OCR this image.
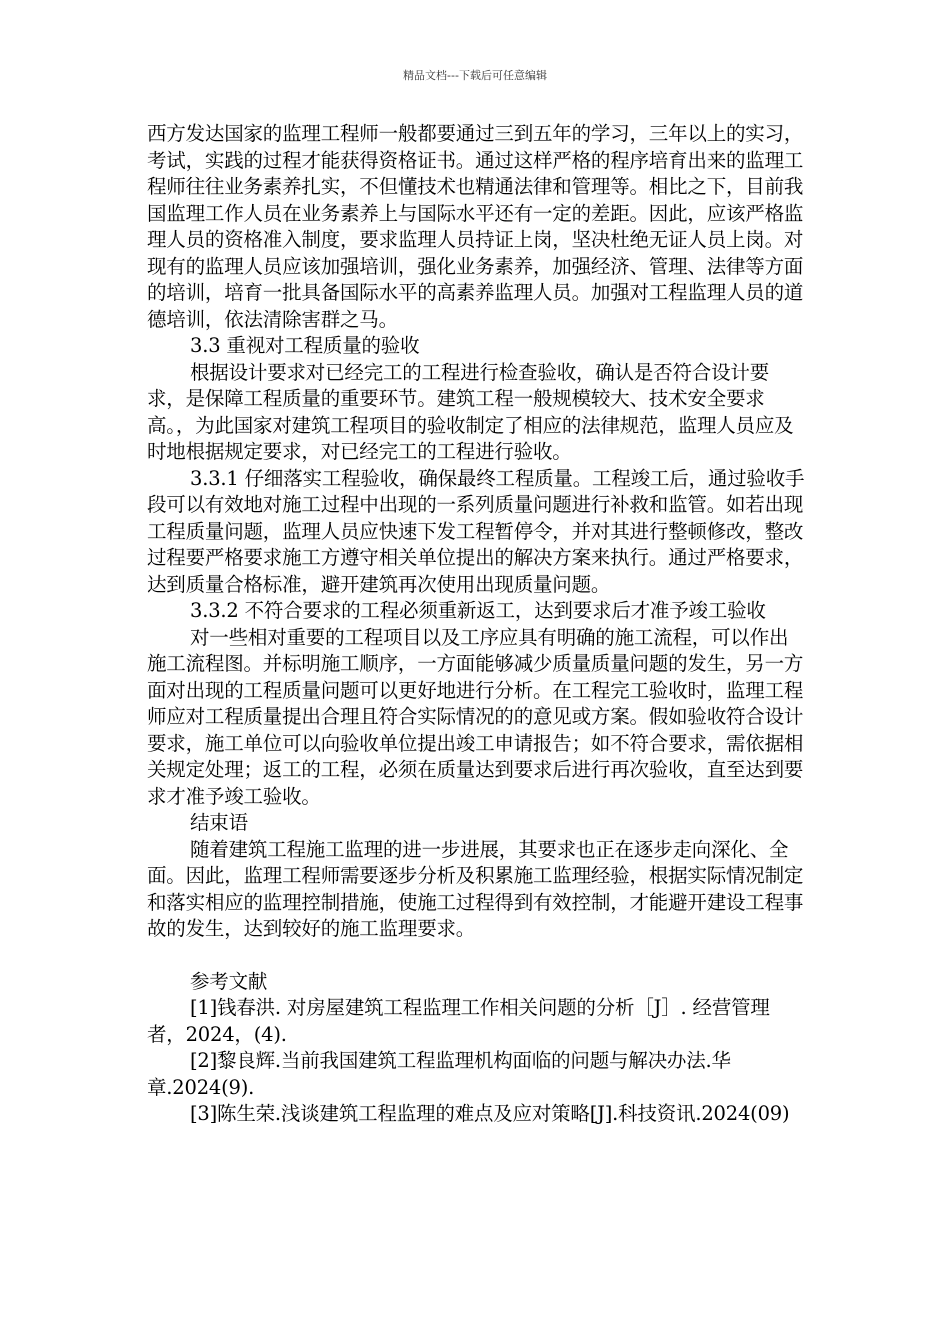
精品文档---下载后可任意编辑

西方发达国家的监理工程师一般都要通过三到五年的学习，三年以上的实习，考试，实践的过程才能获得资格证书。通过这样严格的程序培育出来的监理工程师往往业务素养扎实，不但懂技术也精通法律和管理等。相比之下，目前我国监理工作人员在业务素养上与国际水平还有一定的差距。因此，应该严格监理人员的资格准入制度，要求监理人员持证上岗，坚决杜绝无证人员上岗。对现有的监理人员应该加强培训，强化业务素养，加强经济、管理、法律等方面的培训，培育一批具备国际水平的高素养监理人员。加强对工程监理人员的道德培训，依法清除害群之马。

3.3 重视对工程质量的验收

根据设计要求对已经完工的工程进行检查验收，确认是否符合设计要求，是保障工程质量的重要环节。建筑工程一般规模较大、技术安全要求高。，为此国家对建筑工程项目的验收制定了相应的法律规范，监理人员应及时地根据规定要求，对已经完工的工程进行验收。

3.3.1 仔细落实工程验收，确保最终工程质量。工程竣工后，通过验收手段可以有效地对施工过程中出现的一系列质量问题进行补救和监管。如若出现工程质量问题，监理人员应快速下发工程暂停令，并对其进行整顿修改，整改过程要严格要求施工方遵守相关单位提出的解决方案来执行。通过严格要求，达到质量合格标准，避开建筑再次使用出现质量问题。

3.3.2 不符合要求的工程必须重新返工，达到要求后才准予竣工验收

对一些相对重要的工程项目以及工序应具有明确的施工流程，可以作出施工流程图。并标明施工顺序，一方面能够减少质量质量问题的发生，另一方面对出现的工程质量问题可以更好地进行分析。在工程完工验收时，监理工程师应对工程质量提出合理且符合实际情况的的意见或方案。假如验收符合设计要求，施工单位可以向验收单位提出竣工申请报告；如不符合要求，需依据相关规定处理；返工的工程，必须在质量达到要求后进行再次验收，直至达到要求才准予竣工验收。

结束语

随着建筑工程施工监理的进一步进展，其要求也正在逐步走向深化、全面。因此，监理工程师需要逐步分析及积累施工监理经验，根据实际情况制定和落实相应的监理控制措施，使施工过程得到有效控制，才能避开建设工程事故的发生，达到较好的施工监理要求。

参考文献

[1]钱春洪. 对房屋建筑工程监理工作相关问题的分析［J］. 经营管理者，2024，(4).

[2]黎良辉.当前我国建筑工程监理机构面临的问题与解决办法.华章.2024(9).

[3]陈生荣.浅谈建筑工程监理的难点及应对策略[J].科技资讯.2024(09)
